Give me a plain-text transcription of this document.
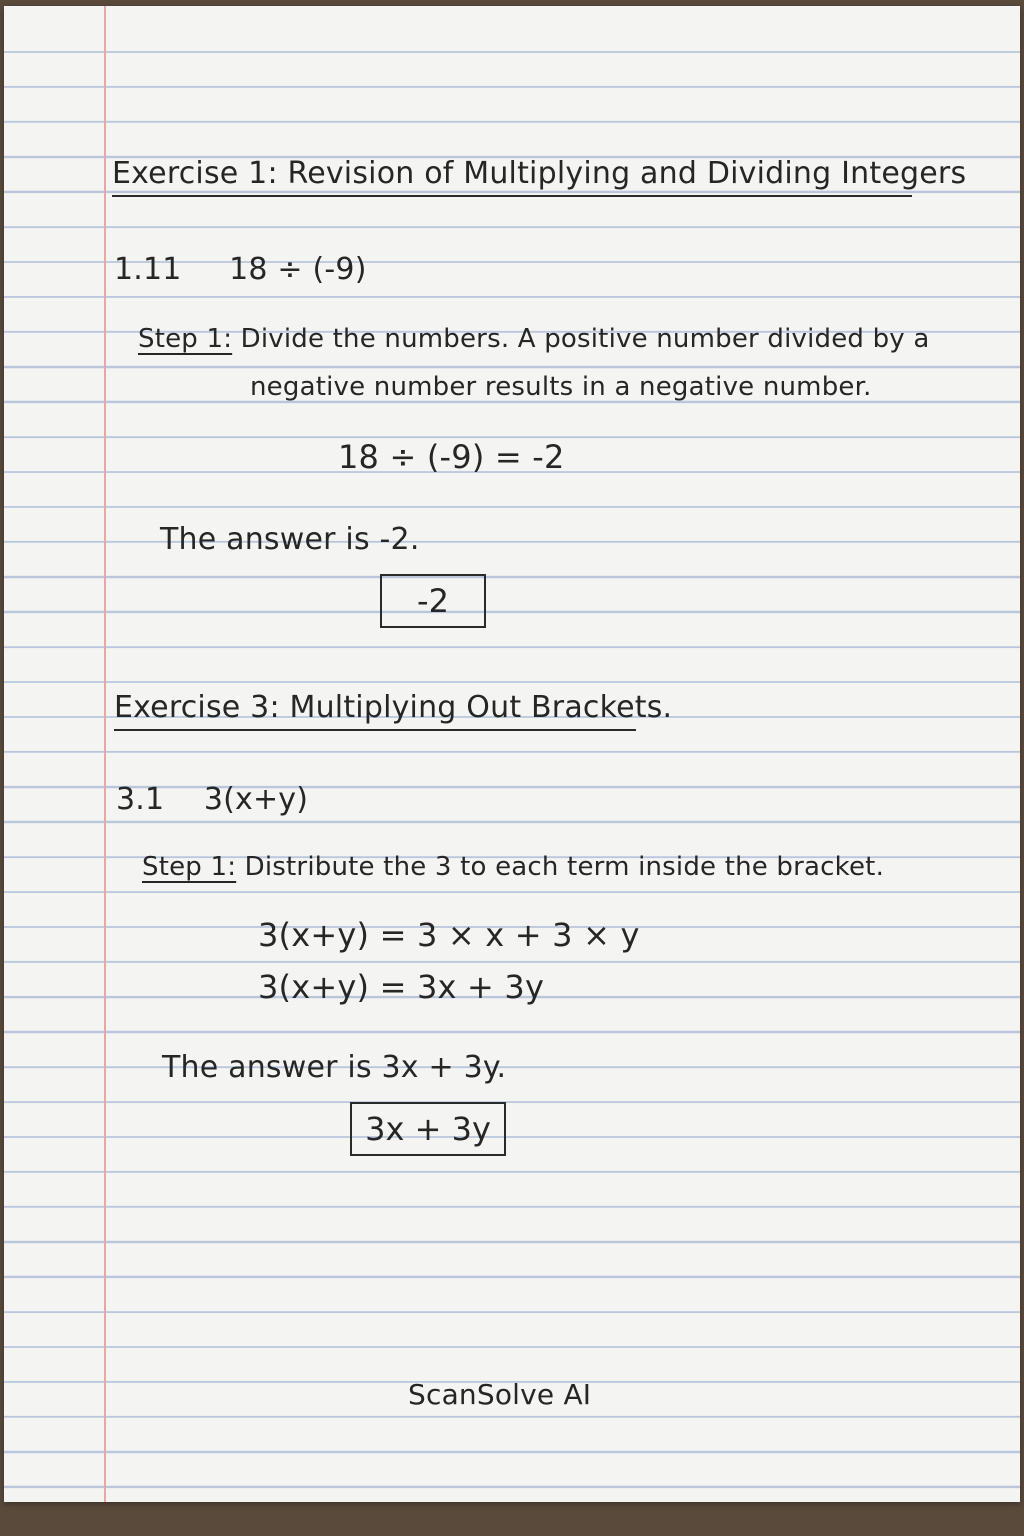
Exercise 1: Revision of Multiplying and Dividing Integers
1.11 18 ÷ (-9)
Step 1: Divide the numbers. A positive number divided by a
negative number results in a negative number.
18 ÷ (-9) = -2
The answer is -2.
-2
Exercise 3: Multiplying Out Brackets.
3.1 3(x+y)
Step 1: Distribute the 3 to each term inside the bracket.
3(x+y) = 3 × x + 3 × y
3(x+y) = 3x + 3y
The answer is 3x + 3y.
3x + 3y
ScanSolve AI
